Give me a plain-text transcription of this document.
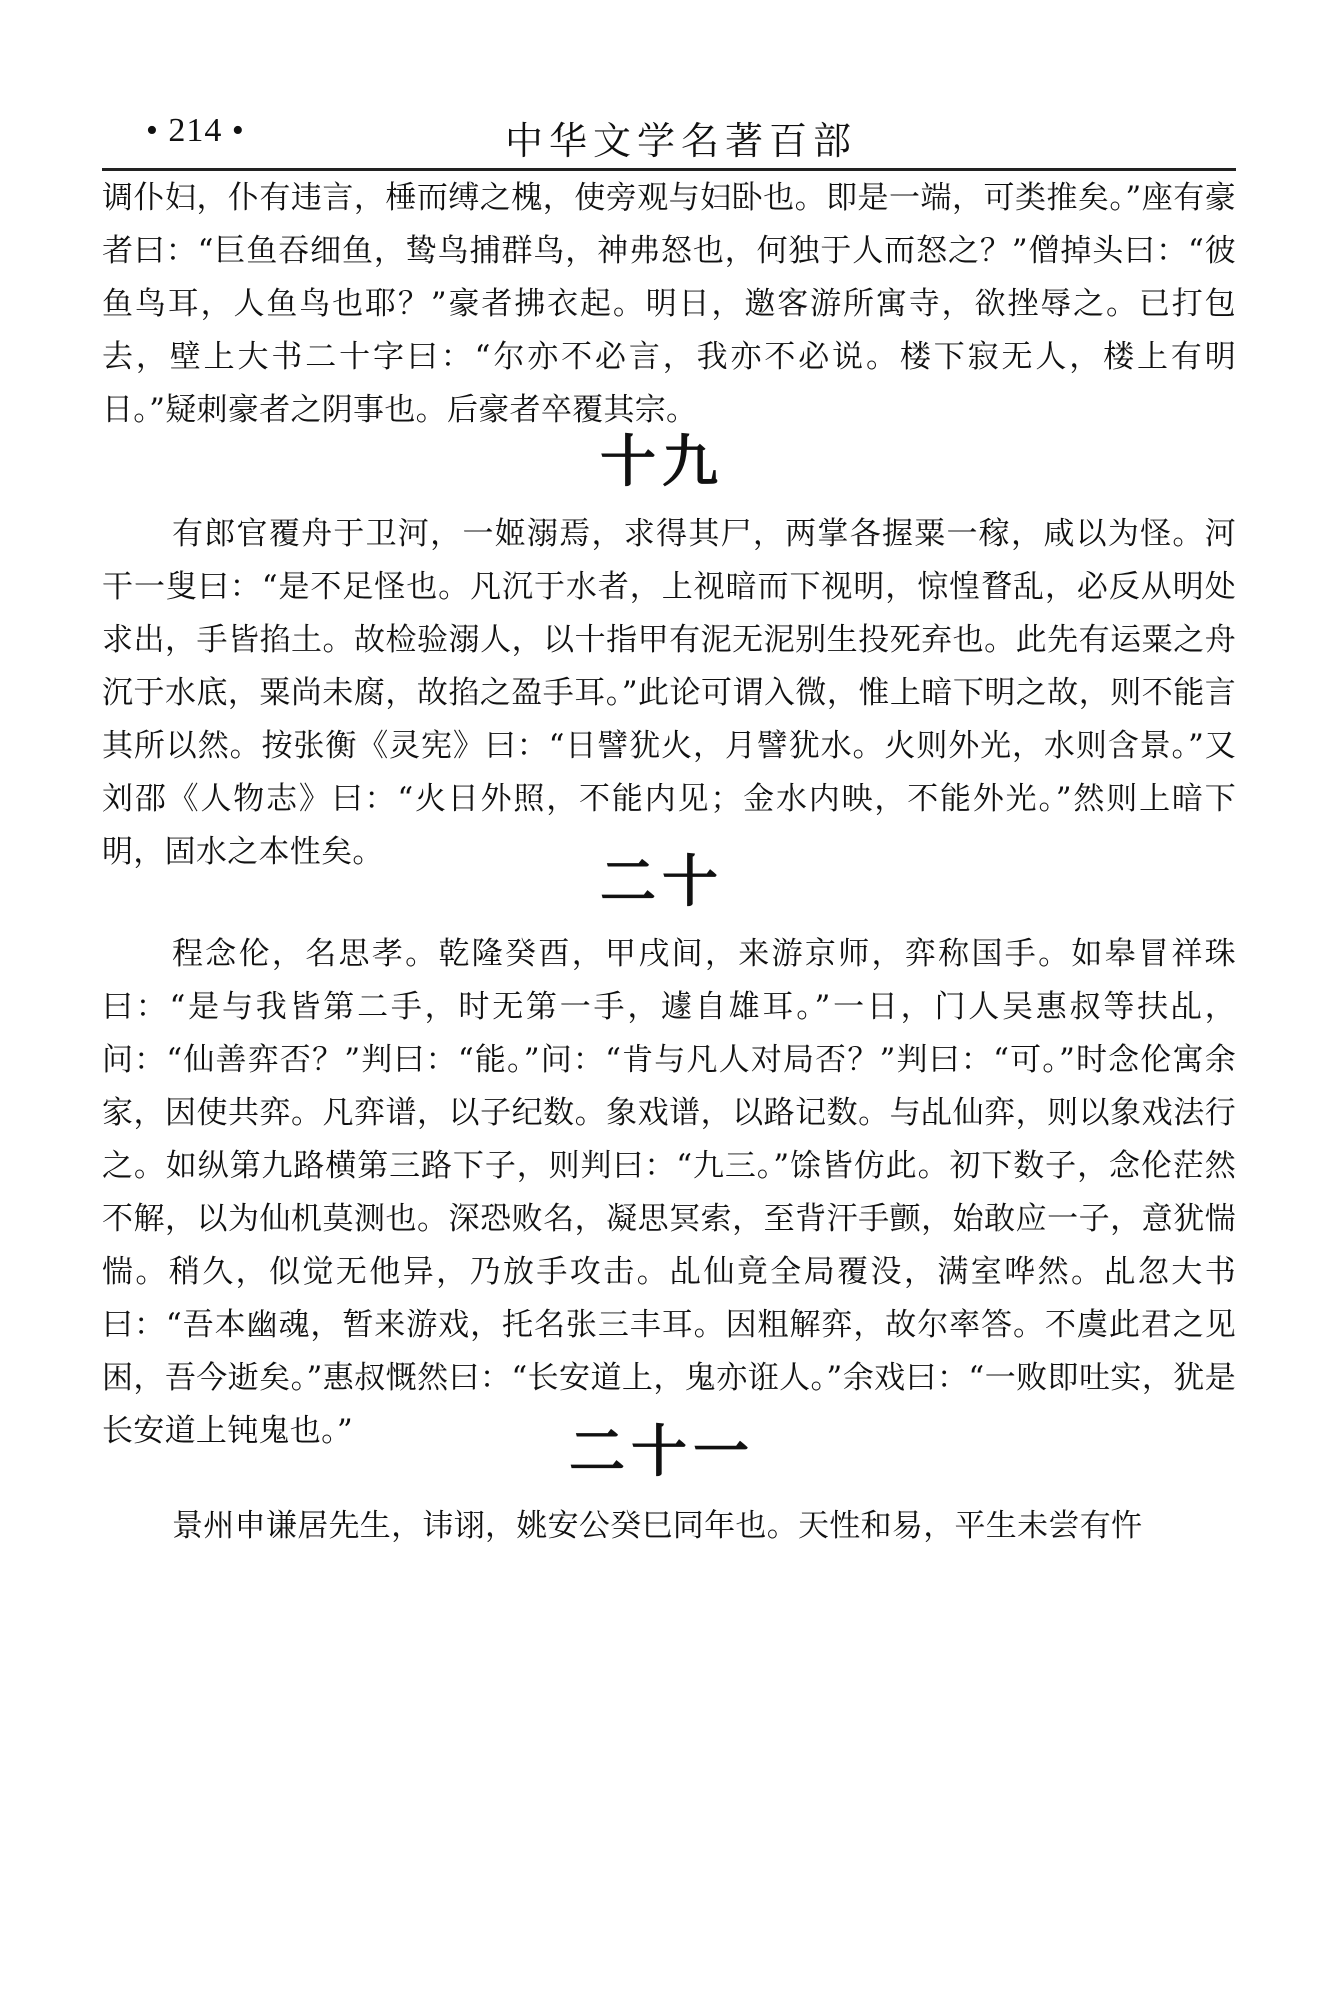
• 214 •	中华文学名著百部
调仆妇，仆有违言，棰而缚之槐，使旁观与妇卧也。即是一端，可类推矣。”座有豪者曰：“巨鱼吞细鱼，鸷鸟捕群鸟，神弗怒也，何独于人而怒之？”僧掉头曰：“彼鱼鸟耳，人鱼鸟也耶？”豪者拂衣起。明日，邀客游所寓寺，欲挫辱之。已打包去，壁上大书二十字曰：“尔亦不必言，我亦不必说。楼下寂无人，楼上有明日。”疑刺豪者之阴事也。后豪者卒覆其宗。
十九
有郎官覆舟于卫河，一姬溺焉，求得其尸，两掌各握粟一稼，咸以为怪。河干一叟曰：“是不足怪也。凡沉于水者，上视暗而下视明，惊惶瞀乱，必反从明处求出，手皆掐土。故检验溺人，以十指甲有泥无泥别生投死弃也。此先有运粟之舟沉于水底，粟尚未腐，故掐之盈手耳。”此论可谓入微，惟上暗下明之故，则不能言其所以然。按张衡《灵宪》曰：“日譬犹火，月譬犹水。火则外光，水则含景。”又刘邵《人物志》曰：“火日外照，不能内见；金水内映，不能外光。”然则上暗下明，固水之本性矣。	二十
程念伦，名思孝。乾隆癸酉，甲戌间，来游京师，弈称国手。如皋冒祥珠曰：“是与我皆第二手，时无第一手，遽自雄耳。”一日，门人吴惠叔等扶乩，问：“仙善弈否？”判曰：“能。”问：“肯与凡人对局否？”判曰：“可。”时念伦寓余家，因使共弈。凡弈谱，以子纪数。象戏谱，以路记数。与乩仙弈，则以象戏法行之。如纵第九路横第三路下子，则判曰：“九三。”馀皆仿此。初下数子，念伦茫然不解，以为仙机莫测也。深恐败名，凝思冥索，至背汗手颤，始敢应一子，意犹惴惴。稍久，似觉无他异，乃放手攻击。乩仙竟全局覆没，满室哗然。乩忽大书曰：“吾本幽魂，暂来游戏，托名张三丰耳。因粗解弈，故尔率答。不虞此君之见困，吾今逝矣。”惠叔慨然曰：“长安道上，鬼亦诳人。”余戏曰：“一败即吐实，犹是长安道上钝鬼也。”	二十一
景州申谦居先生，讳诩，姚安公癸巳同年也。天性和易，平生未尝有忤
